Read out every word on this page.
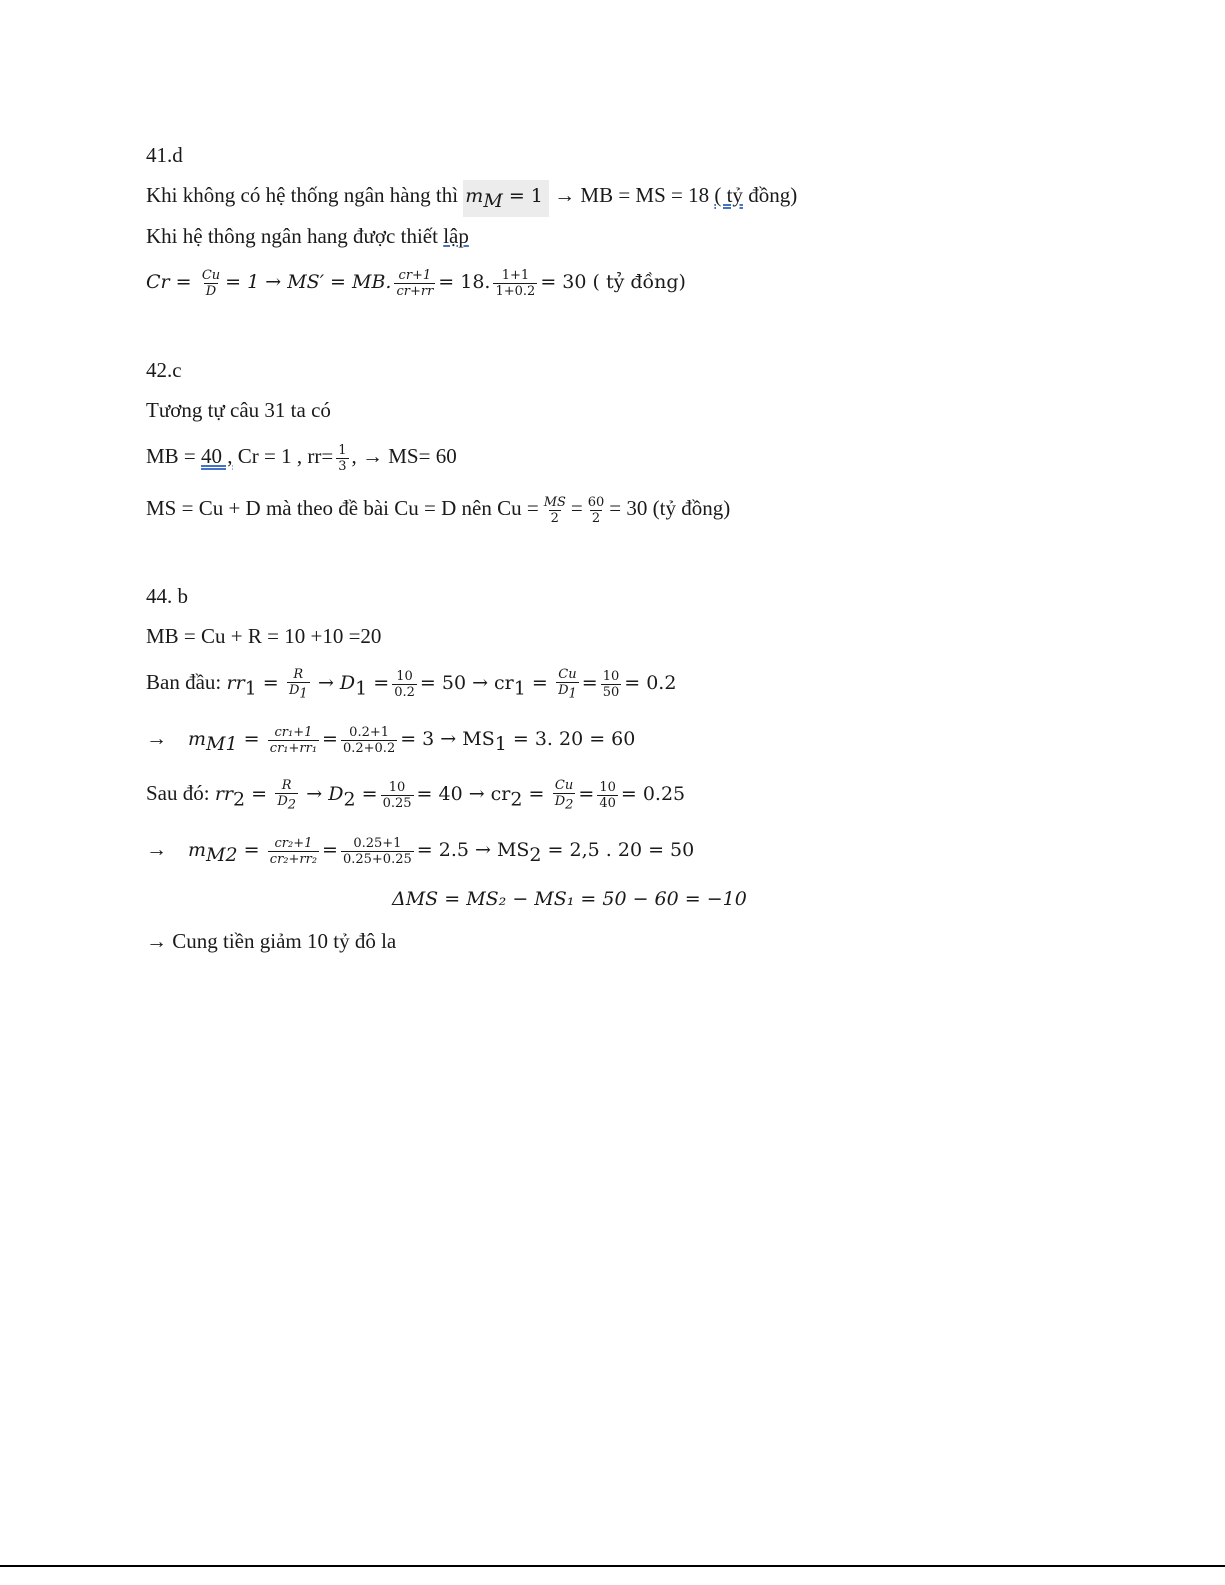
41.d
Khi không có hệ thống ngân hàng thì $m_M = 1$ → MB = MS = 18 ( tỷ đồng)
Khi hệ thông ngân hang được thiết lập
$Cr = \frac{Cu}{D} = 1 \to MS'$ = MB. $\frac{cr+1}{cr+rr} = 18$. $\frac{1+1}{1+0.2} = 30$ ( tỷ đồng)
42.c
Tương tự câu 31 ta có
MB = 40 , Cr = 1 , $rr= \frac{1}{3}$ , → MS= 60
MS = Cu + D mà theo đề bài Cu = D nên $Cu = \frac{MS}{2} = \frac{60}{2} = 30$ (tỷ đồng)
44. b
MB = Cu + R = 10 +10 =20
Ban đầu: $rr_1 = \frac{R}{D_1} \to D_1 = \frac{10}{0.2} = 50 \to cr_1 = \frac{Cu}{D_1} = \frac{10}{50} = 0.2$
→ $m_{M1} = \frac{\text{cr₁+1}}{\text{cr₁+rr₁}} = \frac{0.2+1}{0.2+0.2} = 3 \to MS_1 = 3$. 20 = 60
Sau đó: $rr_2 = \frac{R}{D_2} \to D_2 = \frac{10}{0.25} = 40 \to cr_2 = \frac{Cu}{D_2} = \frac{10}{40} = 0.25$
→ $m_{M2} = \frac{\text{cr₂+1}}{\text{cr₂+rr₂}} = \frac{0.25+1}{0.25+0.25} = 2.5 \to MS_2 = 2,5$ . 20 = 50
ΔMS = MS₂ − MS₁ = 50 − 60 = −10
→ Cung tiền giảm 10 tỷ đô la
